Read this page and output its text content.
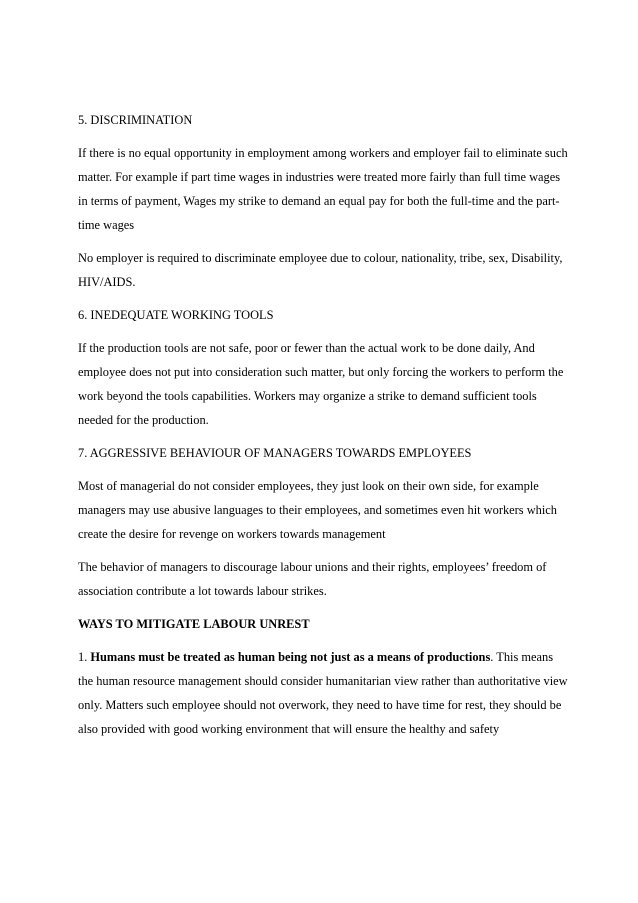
5. DISCRIMINATION

If there is no equal opportunity in employment among workers and employer fail to eliminate such matter. For example if part time wages in industries were treated more fairly than full time wages in terms of payment, Wages my strike to demand an equal pay for both the full-time and the part-time wages

No employer is required to discriminate employee due to colour, nationality, tribe, sex, Disability, HIV/AIDS.

6. INEDEQUATE WORKING TOOLS

If the production tools are not safe, poor or fewer than the actual work to be done daily, And employee does not put into consideration such matter, but only forcing the workers to perform the work beyond the tools capabilities. Workers may organize a strike to demand sufficient tools needed for the production.

7. AGGRESSIVE BEHAVIOUR OF MANAGERS TOWARDS EMPLOYEES

Most of managerial do not consider employees, they just look on their own side, for example managers may use abusive languages to their employees, and sometimes even hit workers which create the desire for revenge on workers towards management

The behavior of managers to discourage labour unions and their rights, employees’ freedom of association contribute a lot towards labour strikes.

WAYS TO MITIGATE LABOUR UNREST

1. Humans must be treated as human being not just as a means of productions. This means the human resource management should consider humanitarian view rather than authoritative view only. Matters such employee should not overwork, they need to have time for rest, they should be also provided with good working environment that will ensure the healthy and safety
